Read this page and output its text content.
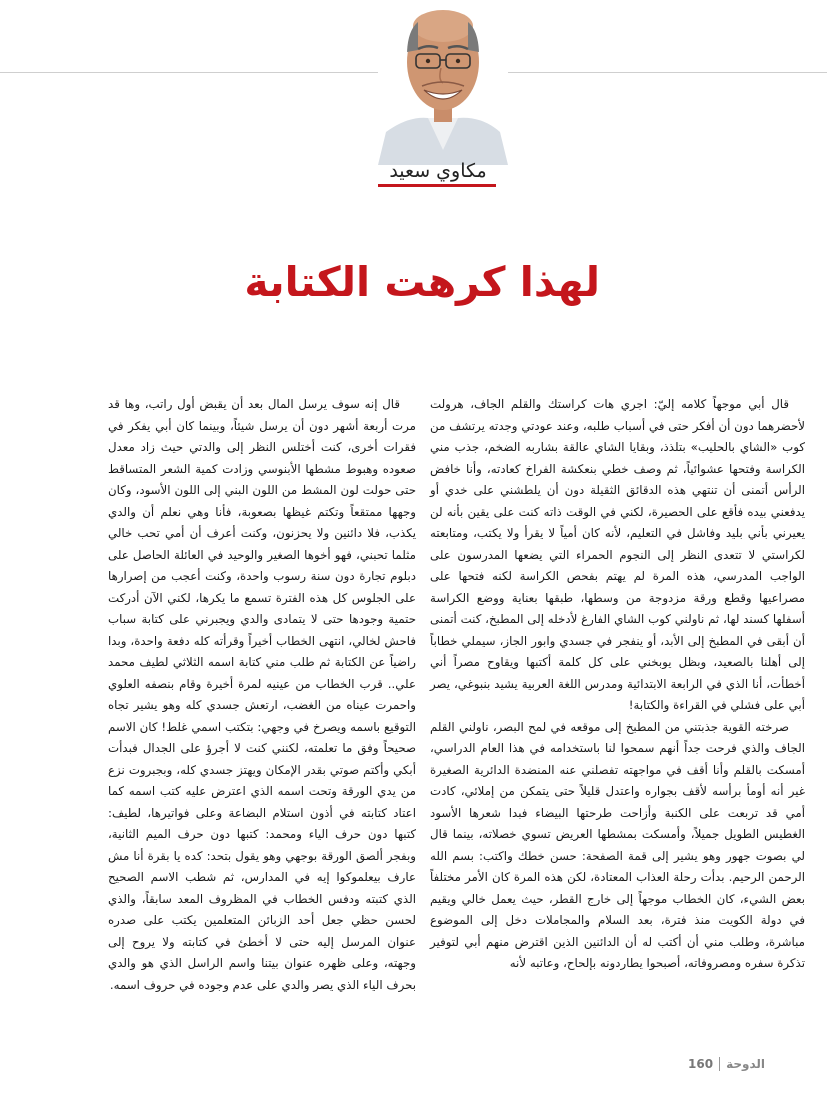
مكاوي سعيد
لهذا كرهت الكتابة

قال أبي موجهاً كلامه إليّ: اجري هات كراستك والقلم الجاف، هرولت لأحضرهما دون أن أفكر حتى في أسباب طلبه، وعند عودتي وجدته يرتشف من كوب «الشاي بالحليب» بتلذذ، وبقايا الشاي عالقة بشاربه الضخم، جذب مني الكراسة وفتحها عشوائياً، ثم وصف خطي بنعكشة الفراخ كعادته، وأنا خافض الرأس أتمنى أن تنتهي هذه الدقائق الثقيلة دون أن يلطشني على خدي أو يدفعني بيده فأقع على الحصيرة، لكني في الوقت ذاته كنت على يقين بأنه لن يعيرني بأني بليد وفاشل في التعليم، لأنه كان أمياً لا يقرأ ولا يكتب، ومتابعته لكراستي لا تتعدى النظر إلى النجوم الحمراء التي يضعها المدرسون على الواجب المدرسي، هذه المرة لم يهتم بفحص الكراسة لكنه فتحها على مصراعيها وقطع ورقة مزدوجة من وسطها، طبقها بعناية ووضع الكراسة أسفلها كسند لها، ثم ناولني كوب الشاي الفارغ لأدخله إلى المطبخ، كنت أتمنى أن أبقى في المطبخ إلى الأبد، أو ينفجر في جسدي وابور الجاز، سيملي خطاباً إلى أهلنا بالصعيد، وبظل يوبخني على كل كلمة أكتبها ويقاوح مصراً أني أخطأت، أنا الذي في الرابعة الابتدائية ومدرس اللغة العربية يشيد بنبوغي، يصر أبي على فشلي في القراءة والكتابة!

صرخته القوية جذبتني من المطبخ إلى موقعه في لمح البصر، ناولني القلم الجاف والذي فرحت جداً أنهم سمحوا لنا باستخدامه في هذا العام الدراسي، أمسكت بالقلم وأنا أقف في مواجهته تفصلني عنه المنضدة الدائرية الصغيرة غير أنه أومأ برأسه لأقف بجواره واعتدل قليلاً حتى يتمكن من إملائي، كادت أمي قد تربعت على الكنبة وأزاحت طرحتها البيضاء فبدا شعرها الأسود الغطيس الطويل جميلاً، وأمسكت بمشطها العريض تسوي خصلاته، بينما قال لي بصوت جهور وهو يشير إلى قمة الصفحة: حسن خطك واكتب: بسم الله الرحمن الرحيم. بدأت رحلة العذاب المعتادة، لكن هذه المرة كان الأمر مختلفاً بعض الشيء، كان الخطاب موجهاً إلى خارج القطر، حيث يعمل خالي ويقيم في دولة الكويت منذ فترة، بعد السلام والمجاملات دخل إلى الموضوع مباشرة، وطلب مني أن أكتب له أن الدائنين الذين اقترض منهم أبي لتوفير تذكرة سفره ومصروفاته، أصبحوا يطاردونه بإلحاح، وعاتبه لأنه

قال إنه سوف يرسل المال بعد أن يقبض أول راتب، وها قد مرت أربعة أشهر دون أن يرسل شيئاً، وبينما كان أبي يفكر في فقرات أخرى، كنت أختلس النظر إلى والدتي حيث زاد معدل صعوده وهبوط مشطها الأبنوسي وزادت كمية الشعر المتساقط حتى حولت لون المشط من اللون البني إلى اللون الأسود، وكان وجهها ممتقعاً وتكتم غيظها بصعوبة، فأنا وهي نعلم أن والدي يكذب، فلا دائنين ولا يحزنون، وكنت أعرف أن أمي تحب خالي مثلما تحبني، فهو أخوها الصغير والوحيد في العائلة الحاصل على دبلوم تجارة دون سنة رسوب واحدة، وكنت أعجب من إصرارها على الجلوس كل هذه الفترة تسمع ما يكرها، لكني الآن أدركت حتمية وجودها حتى لا يتمادى والدي ويجبرني على كتابة سباب فاحش لخالي، انتهى الخطاب أخيراً وقرأته كله دفعة واحدة، وبدا راضياً عن الكتابة ثم طلب مني كتابة اسمه الثلاثي لطيف محمد علي.. قرب الخطاب من عينيه لمرة أخيرة وقام بنصفه العلوي واحمرت عيناه من الغضب، ارتعش جسدي كله وهو يشير تجاه التوقيع باسمه ويصرخ في وجهي: بتكتب اسمي غلط! كان الاسم صحيحاً وفق ما تعلمته، لكنني كنت لا أجرؤ على الجدال فبدأت أبكي وأكتم صوتي بقدر الإمكان ويهتز جسدي كله، وبجبروت نزع من يدي الورقة وتحت اسمه الذي اعترض عليه كتب اسمه كما اعتاد كتابته في أذون استلام البضاعة وعلى فواتيرها، لطيف: كتبها دون حرف الياء ومحمد: كتبها دون حرف الميم الثانية، وبفجر ألصق الورقة بوجهي وهو يقول بتحد: كده يا بقرة أنا مش عارف بيعلموكوا إيه في المدارس، ثم شطب الاسم الصحيح الذي كتبته ودفس الخطاب في المظروف المعد سابقاً، والذي لحسن حظي جعل أحد الزبائن المتعلمين يكتب على صدره عنوان المرسل إليه حتى لا أخطئ في كتابته ولا يروح إلى وجهته، وعلى ظهره عنوان بيتنا واسم الراسل الذي هو والدي بحرف الياء الذي يصر والدي على عدم وجوده في حروف اسمه.

160 الدوحة
